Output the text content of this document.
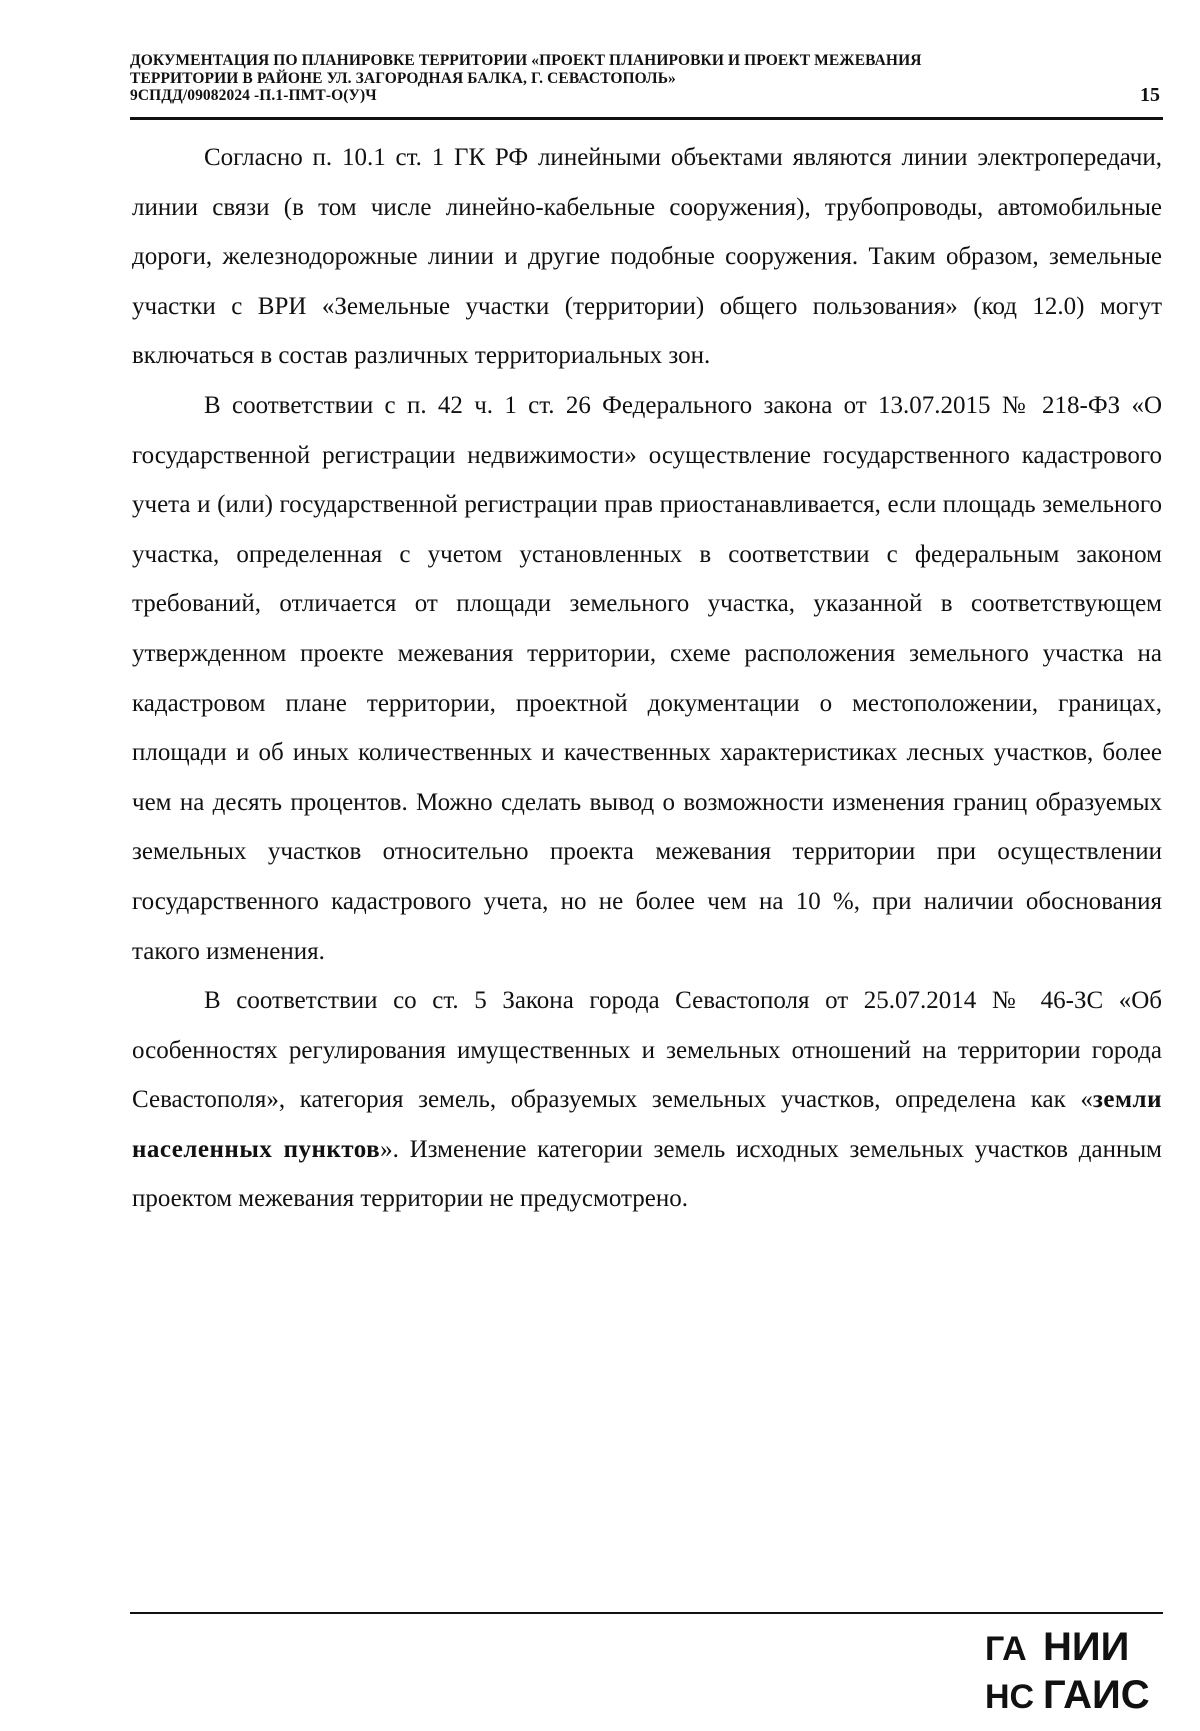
ДОКУМЕНТАЦИЯ ПО ПЛАНИРОВКЕ ТЕРРИТОРИИ «ПРОЕКТ ПЛАНИРОВКИ И ПРОЕКТ МЕЖЕВАНИЯ
ТЕРРИТОРИИ В РАЙОНЕ УЛ. ЗАГОРОДНАЯ БАЛКА, Г. СЕВАСТОПОЛЬ»
9СПДД/09082024 -П.1-ПМТ-О(У)Ч	15

Согласно п. 10.1 ст. 1 ГК РФ линейными объектами являются линии электропередачи, линии связи (в том числе линейно-кабельные сооружения), трубопроводы, автомобильные дороги, железнодорожные линии и другие подобные сооружения. Таким образом, земельные участки с ВРИ «Земельные участки (территории) общего пользования» (код 12.0) могут включаться в состав различных территориальных зон.

В соответствии с п. 42 ч. 1 ст. 26 Федерального закона от 13.07.2015 № 218-ФЗ «О государственной регистрации недвижимости» осуществление государственного кадастрового учета и (или) государственной регистрации прав приостанавливается, если площадь земельного участка, определенная с учетом установленных в соответствии с федеральным законом требований, отличается от площади земельного участка, указанной в соответствующем утвержденном проекте межевания территории, схеме расположения земельного участка на кадастровом плане территории, проектной документации о местоположении, границах, площади и об иных количественных и качественных характеристиках лесных участков, более чем на десять процентов. Можно сделать вывод о возможности изменения границ образуемых земельных участков относительно проекта межевания территории при осуществлении государственного кадастрового учета, но не более чем на 10 %, при наличии обоснования такого изменения.

В соответствии со ст. 5 Закона города Севастополя от 25.07.2014 № 46-ЗС «Об особенностях регулирования имущественных и земельных отношений на территории города Севастополя», категория земель, образуемых земельных участков, определена как «земли населенных пунктов». Изменение категории земель исходных земельных участков данным проектом межевания территории не предусмотрено.

ГА НИИ
НС ГАИС
